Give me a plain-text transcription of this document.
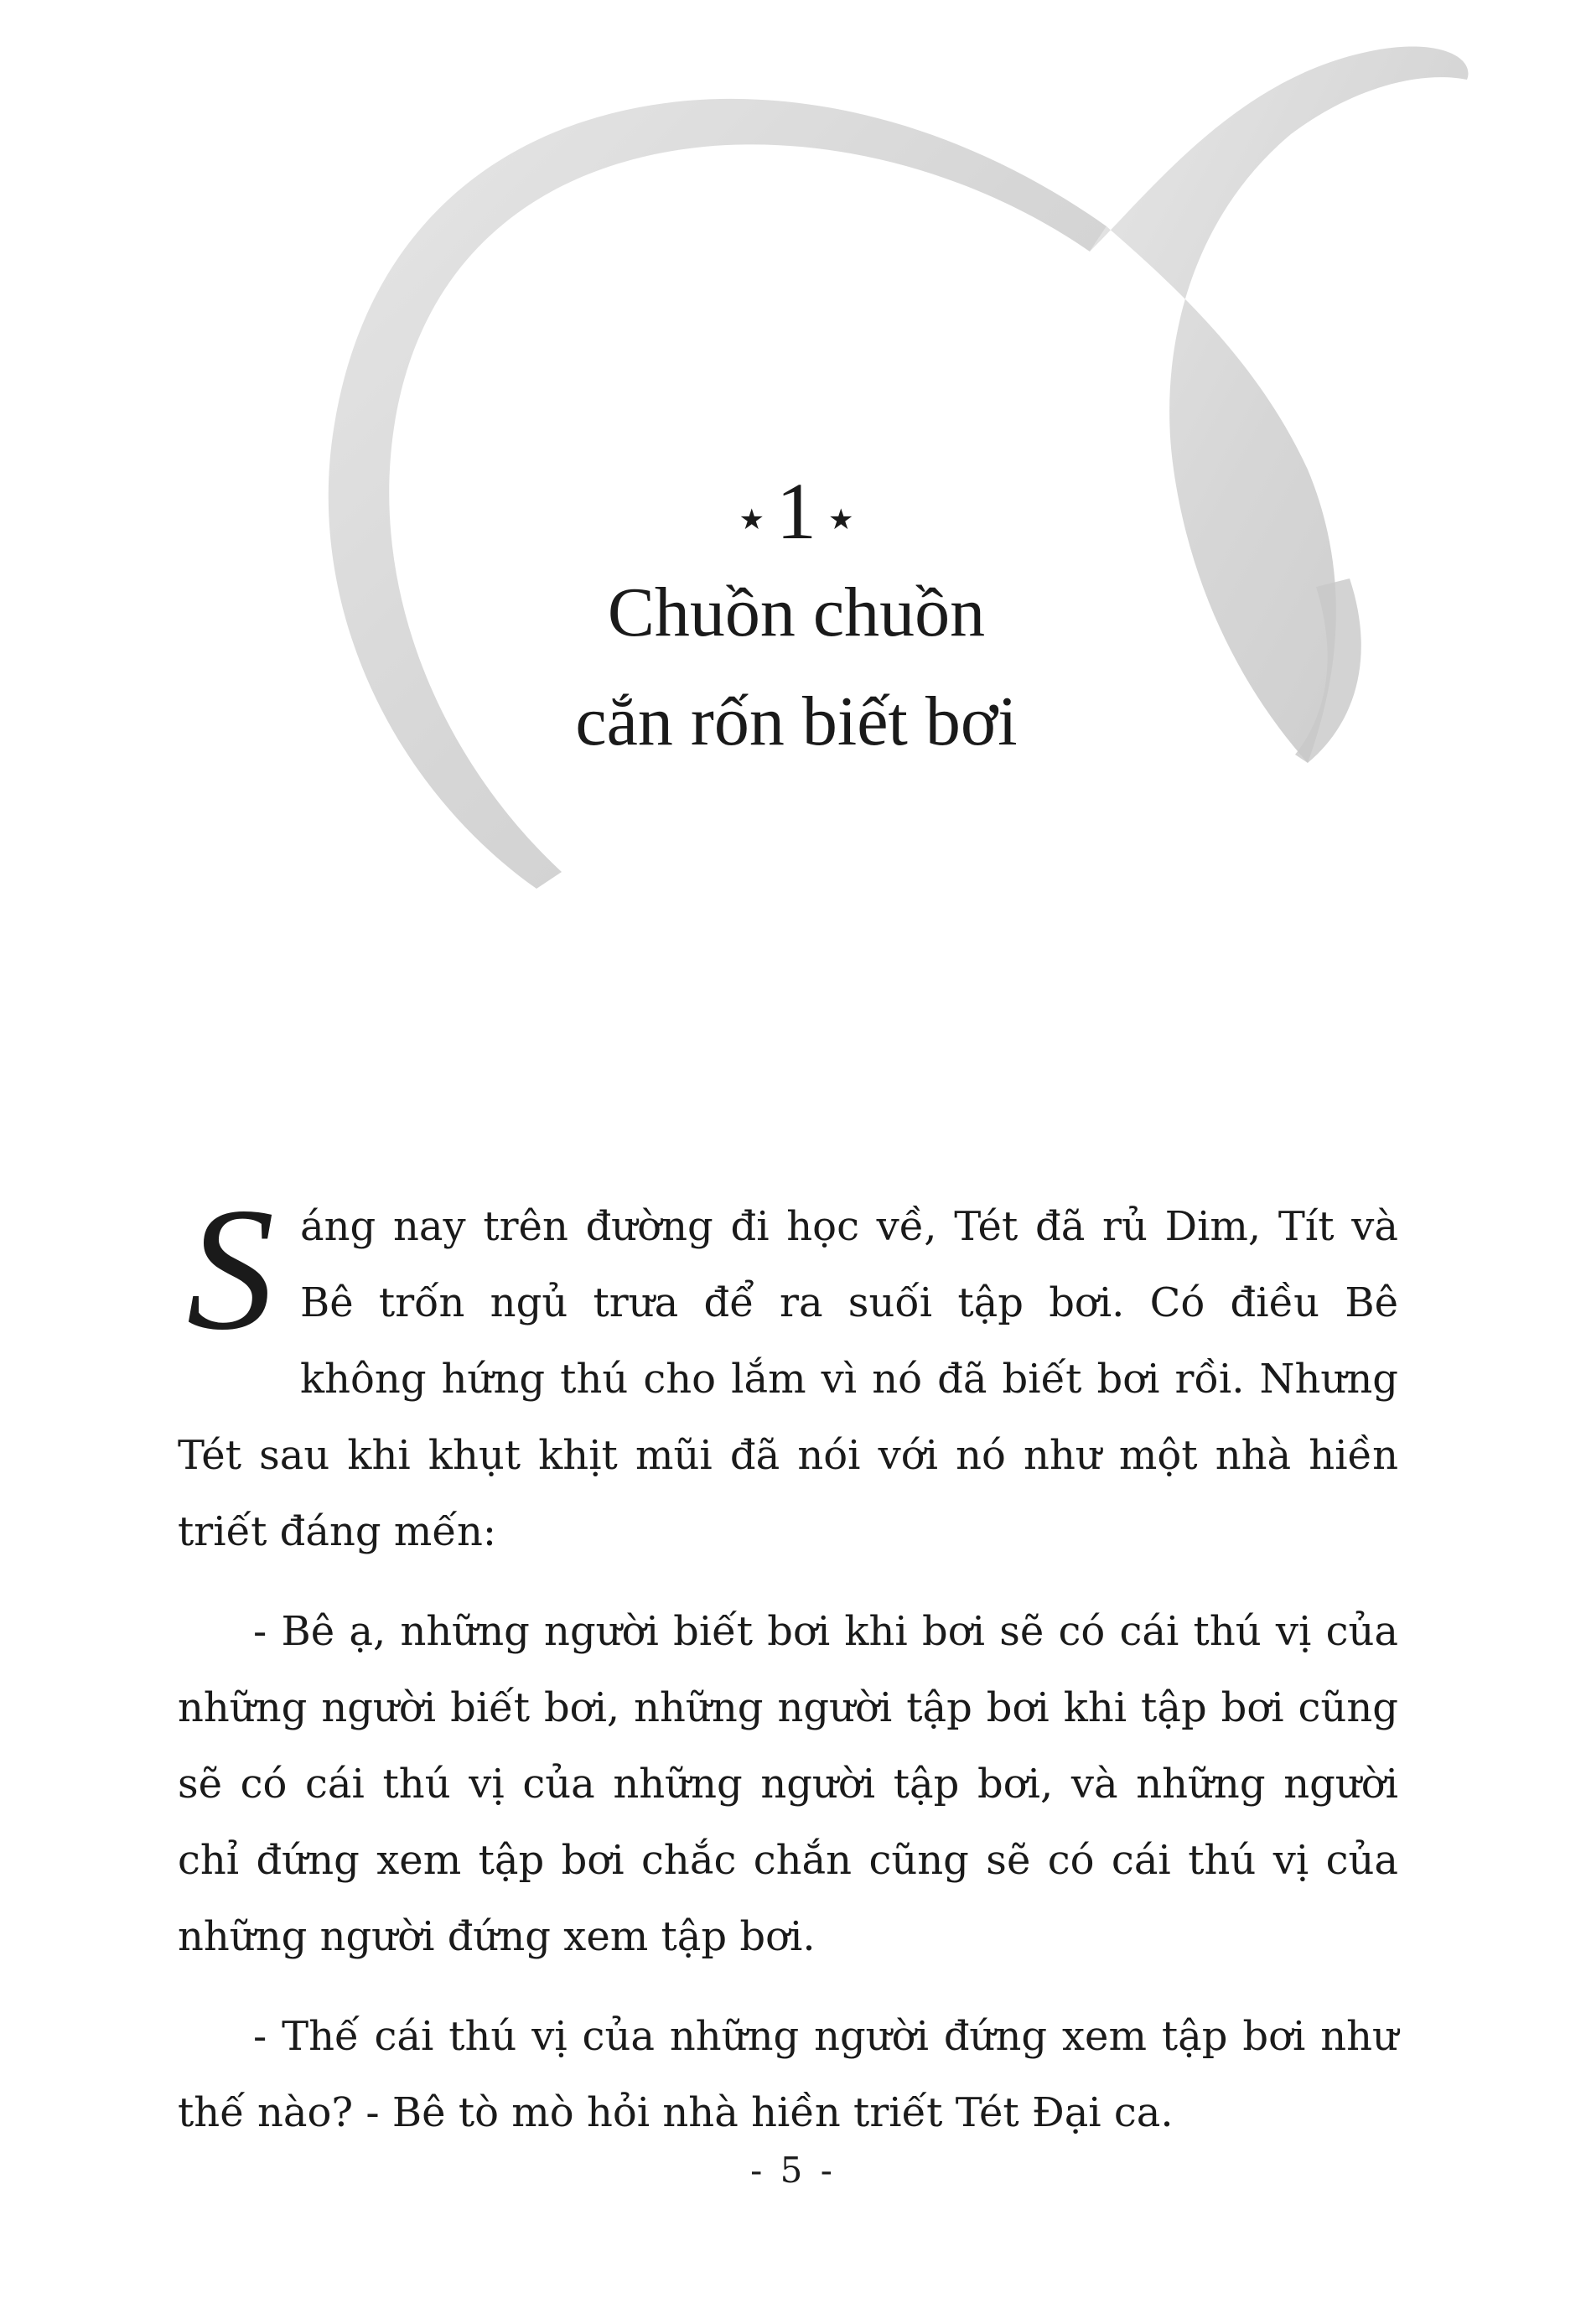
★ 1 ★
Chuồn chuồn
cắn rốn biết bơi

S áng nay trên đường đi học về, Tét đã rủ Dim, Tít và Bê trốn ngủ trưa để ra suối tập bơi. Có điều Bê không hứng thú cho lắm vì nó đã biết bơi rồi. Nhưng Tét sau khi khụt khịt mũi đã nói với nó như một nhà hiền triết đáng mến:

- Bê ạ, những người biết bơi khi bơi sẽ có cái thú vị của những người biết bơi, những người tập bơi khi tập bơi cũng sẽ có cái thú vị của những người tập bơi, và những người chỉ đứng xem tập bơi chắc chắn cũng sẽ có cái thú vị của những người đứng xem tập bơi.

- Thế cái thú vị của những người đứng xem tập bơi như thế nào? - Bê tò mò hỏi nhà hiền triết Tét Đại ca.

- 5 -
